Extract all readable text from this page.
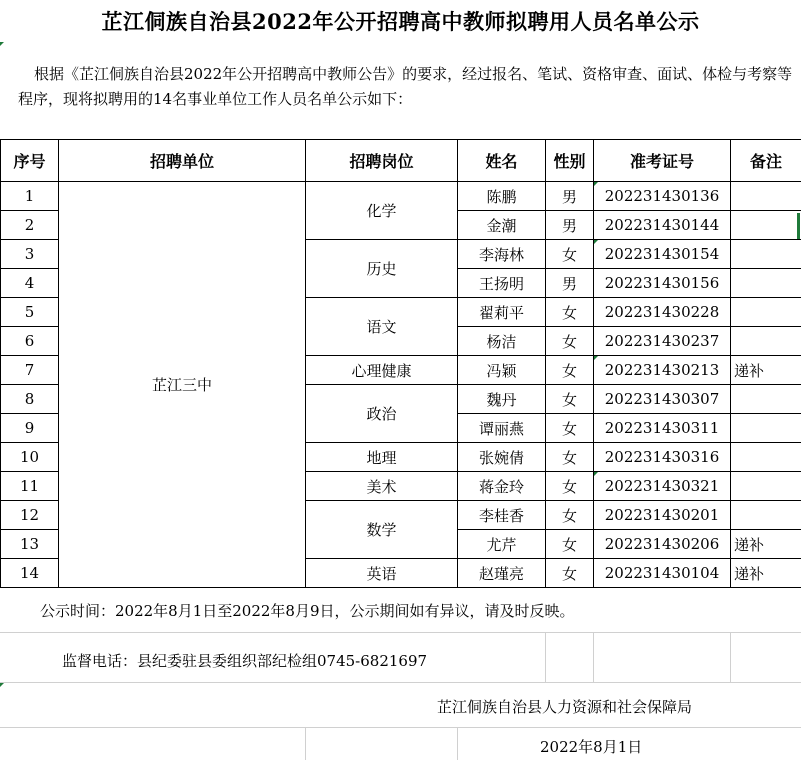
芷江侗族自治县2022年公开招聘高中教师拟聘用人员名单公示
根据《芷江侗族自治县2022年公开招聘高中教师公告》的要求，经过报名、笔试、资格审查、面试、体检与考察等程序，现将拟聘用的14名事业单位工作人员名单公示如下：
序号	招聘单位	招聘岗位	姓名	性别	准考证号	备注
1	芷江三中	化学	陈鹏	男	202231430136	
2			金潮	男	202231430144	
3		历史	李海林	女	202231430154	
4			王扬明	男	202231430156	
5		语文	翟莉平	女	202231430228	
6			杨洁	女	202231430237	
7		心理健康	冯颖	女	202231430213	递补
8		政治	魏丹	女	202231430307	
9			谭丽燕	女	202231430311	
10		地理	张婉倩	女	202231430316	
11		美术	蒋金玲	女	202231430321	
12		数学	李桂香	女	202231430201	
13			尤芹	女	202231430206	递补
14		英语	赵瑾亮	女	202231430104	递补
公示时间：2022年8月1日至2022年8月9日，公示期间如有异议，请及时反映。
监督电话：县纪委驻县委组织部纪检组0745-6821697
芷江侗族自治县人力资源和社会保障局
2022年8月1日
